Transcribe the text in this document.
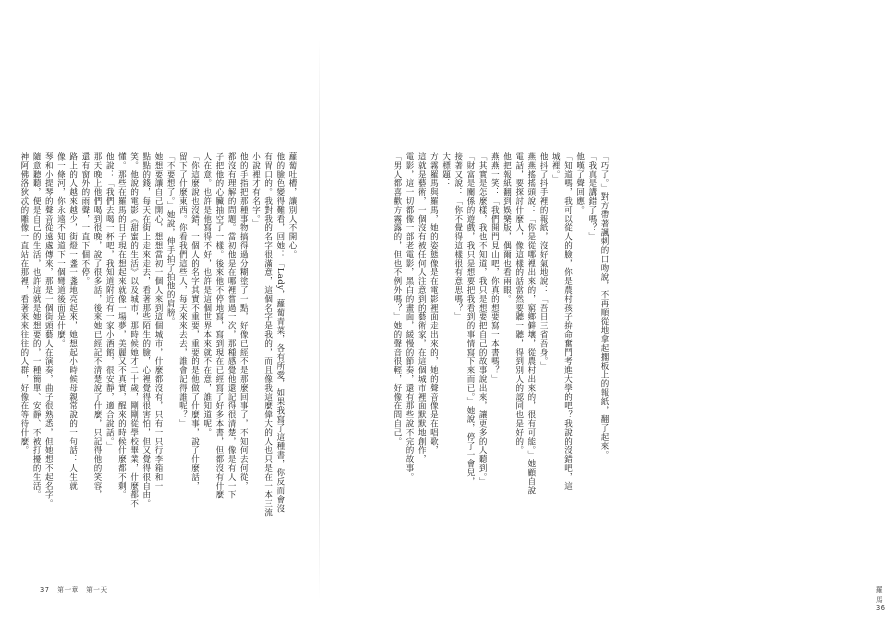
蘿蔔吐槽，讓別人不開心。
他的臉色變得難看，回她：「Lady，蘿蔔青菜，各有所愛，如果我寫了這種書，你反而會沒
有胃口的。我對我的名字很滿意，這個名字是我的，而且像我這麼偉大的人也只是在一本三流
小說裡才有名字。」
他的手指把那種事物搞得過分糊塗了一點，好像已經不是那麼回事了，不知何去何從，
都沒有理解的問題。當初他是在哪裡嘗過一次，那種感覺他還記得很清楚，像是有人一下
子把他的心臟抽空了一樣。後來他不停地寫，寫到現在已經寫了好多本書，但都沒有什麼
人在意。也許是他寫得不好，也許是這個世界本來就不在意，誰知道呢。
「你這麼說也沒錯，一個人的名字其實不重要，重要的是他做了什麼事，說了什麼話，
留下了什麼東西。你看我們這些人，每天來來去去，誰會記得誰呢？」
「不要想了。」她說，伸手拍了拍他的肩膀。
她想要讓自己開心，想想當初一個人來到這個城市，什麼都沒有，只有一只行李箱和一
點點的錢，每天在街上走來走去，看著那些陌生的臉，心裡覺得很害怕，但又覺得很自由。
笑。他說的電影《甜蜜的生活》以及城市，那時候她才二十歲，剛剛從學校畢業，什麼都不
懂。那些在羅馬的日子現在想起來就像一場夢，美麗又不真實，醒來的時候什麼都不剩。
他說：「我們去喝一杯吧，我知道附近有一家小酒館，很安靜，適合說話。」
那天晚上他們喝到很晚，說了很多話，後來她已經記不清楚說了什麼，只記得他的笑容，
還有窗外的雨聲，一直下個不停。
路上的人越來越少，街燈一盞一盞地亮起來，她想起小時候母親常說的一句話：人生就
像一條河，你永遠不知道下一個彎道後面是什麼。
琴和小提琴的聲音從遠處傳來，那是一個街頭藝人在演奏，曲子很熟悉，但她想不起名字。
隨意聽聽，便是自己的生活，也許這就是她想要的，一種簡單、安靜、不被打擾的生活。
神阿佛洛狄忒的雕像一直站在那裡，看著來來往往的人群，好像在等待什麼。
37 第一章　第一天
「巧了。」對方帶著諷刺的口吻說，不再順從地拿起擱板上的報紙，翻了起來。
「我真是講錯了嗎？」
他嘆了聲回應。
「知道嗎，我可以從人的臉，你是農村孩子拚命奮鬥考進大學的吧？我說的沒錯吧，這
城裡。」
他抖了抖手裡的報紙，沒好氣地說：「吾日三省吾身。」
燕燕搖搖頭說：「你是從哪裡出來的，窮鄉僻壤，從農村出來的，很有可能。」她顧自說
電話，要探討什麼人，像這樣的話當然要聽一聽，得到別人的認同也是好的。
他把報紙翻到娛樂版，偶爾也看兩眼。
燕燕一笑：「我們開門見山吧，你真的想要寫一本書嗎？」
「其實是怎麼樣，我也不知道，我只是想要把自己的故事說出來，讓更多的人聽到。」
「財富是關係的遊戲，我只是想要把我看到的事情寫下來而已。」她說，停了一會兒，
接著又說：「你不覺得這樣很有意思嗎？」
大標題：
方霧羅馬與羅馬，她的姿態像是在電影裡面走出來的，她的聲音像是在唱歌，
這就是藝術，一個沒有被任何人注意到的藝術家，在這個城市裡面默默地創作，
電影，這一切都像一部老電影，黑白的畫面，緩慢的節奏，還有那些說不完的故事。
「男人都喜歡方霧露的，但也不例外嗎？」她的聲音很輕，好像在問自己。
羅馬 36
